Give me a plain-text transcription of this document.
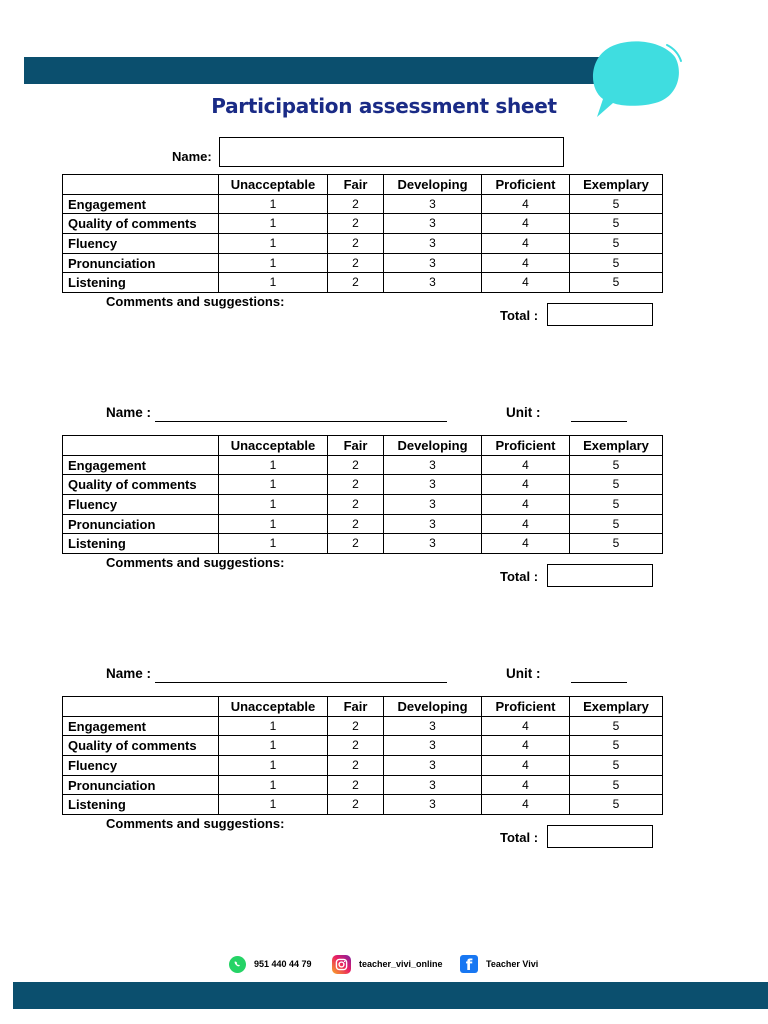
Participation assessment sheet
Name:
	Unacceptable	Fair	Developing	Proficient	Exemplary
Engagement	1	2	3	4	5
Quality of comments	1	2	3	4	5
Fluency	1	2	3	4	5
Pronunciation	1	2	3	4	5
Listening	1	2	3	4	5
Comments and suggestions:
Total :
Name :	Unit :
	Unacceptable	Fair	Developing	Proficient	Exemplary
Engagement	1	2	3	4	5
Quality of comments	1	2	3	4	5
Fluency	1	2	3	4	5
Pronunciation	1	2	3	4	5
Listening	1	2	3	4	5
Comments and suggestions:
Total :
Name :	Unit :
	Unacceptable	Fair	Developing	Proficient	Exemplary
Engagement	1	2	3	4	5
Quality of comments	1	2	3	4	5
Fluency	1	2	3	4	5
Pronunciation	1	2	3	4	5
Listening	1	2	3	4	5
Comments and suggestions:
Total :
951 440 44 79	teacher_vivi_online	f	Teacher Vivi
